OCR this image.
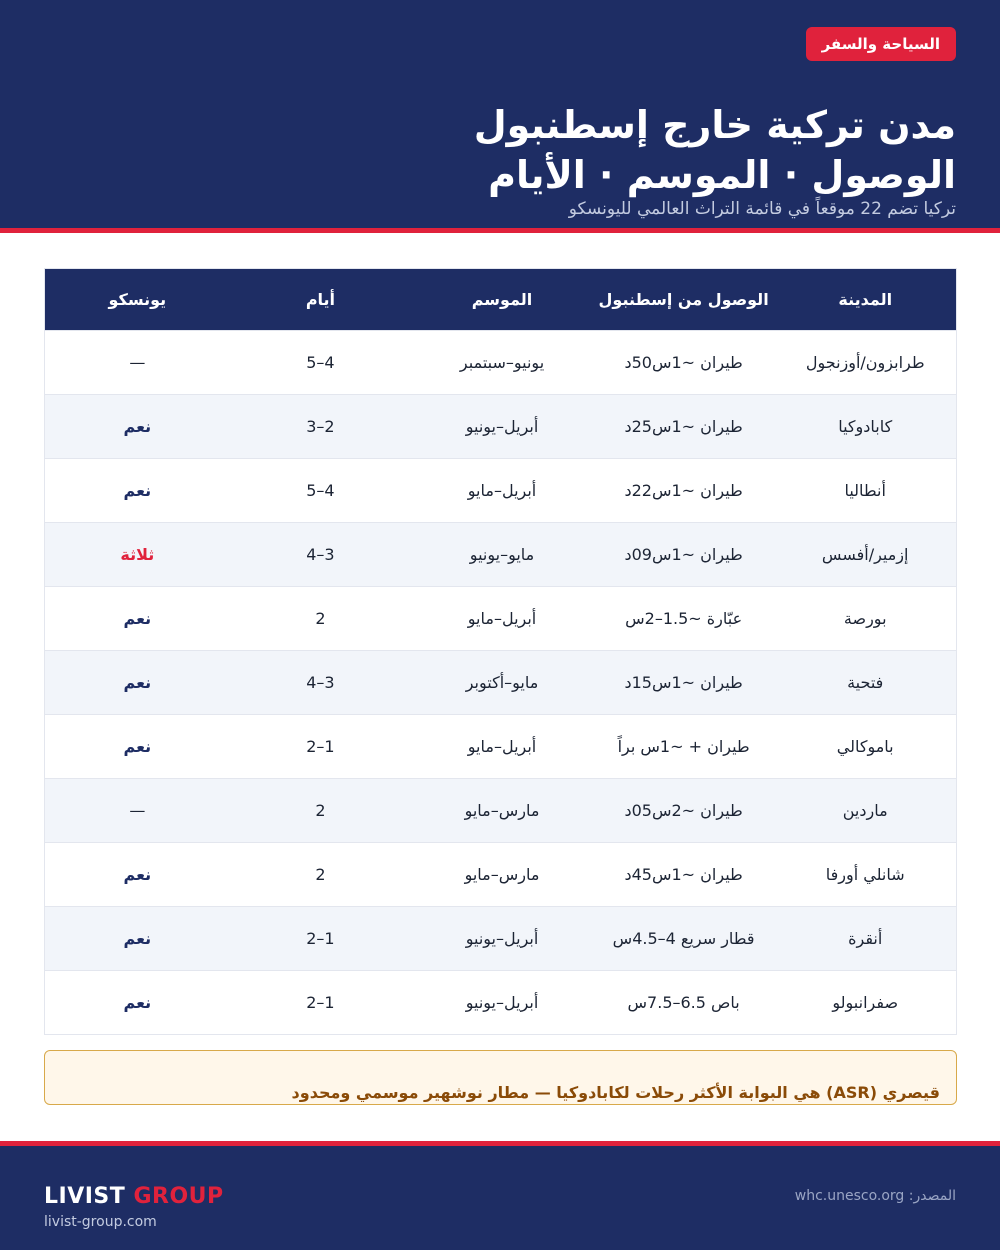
السياحة والسفر
مدن تركية خارج إسطنبول
الوصول · الموسم · الأيام
تركيا تضم 22 موقعاً في قائمة التراث العالمي لليونسكو
المدينة
الوصول من إسطنبول
الموسم
أيام
يونسكو
طرابزون/أوزنجول
طيران ~1س50د
يونيو–سبتمبر
4–5
—
كابادوكيا
طيران ~1س25د
أبريل–يونيو
2–3
نعم
أنطاليا
طيران ~1س22د
أبريل–مايو
4–5
نعم
إزمير/أفسس
طيران ~1س09د
مايو–يونيو
3–4
ثلاثة
بورصة
عبّارة ~1.5–2س
أبريل–مايو
2
نعم
فتحية
طيران ~1س15د
مايو–أكتوبر
3–4
نعم
باموكالي
طيران + ~1س براً
أبريل–مايو
1–2
نعم
ماردين
طيران ~2س05د
مارس–مايو
2
—
شانلي أورفا
طيران ~1س45د
مارس–مايو
2
نعم
أنقرة
قطار سريع 4–4.5س
أبريل–يونيو
1–2
نعم
صفرانبولو
باص 6.5–7.5س
أبريل–يونيو
1–2
نعم
قيصري (ASR) هي البوابة الأكثر رحلات لكابادوكيا — مطار نوشهير موسمي ومحدود
LIVIST GROUP
livist-group.com
المصدر: whc.unesco.org
